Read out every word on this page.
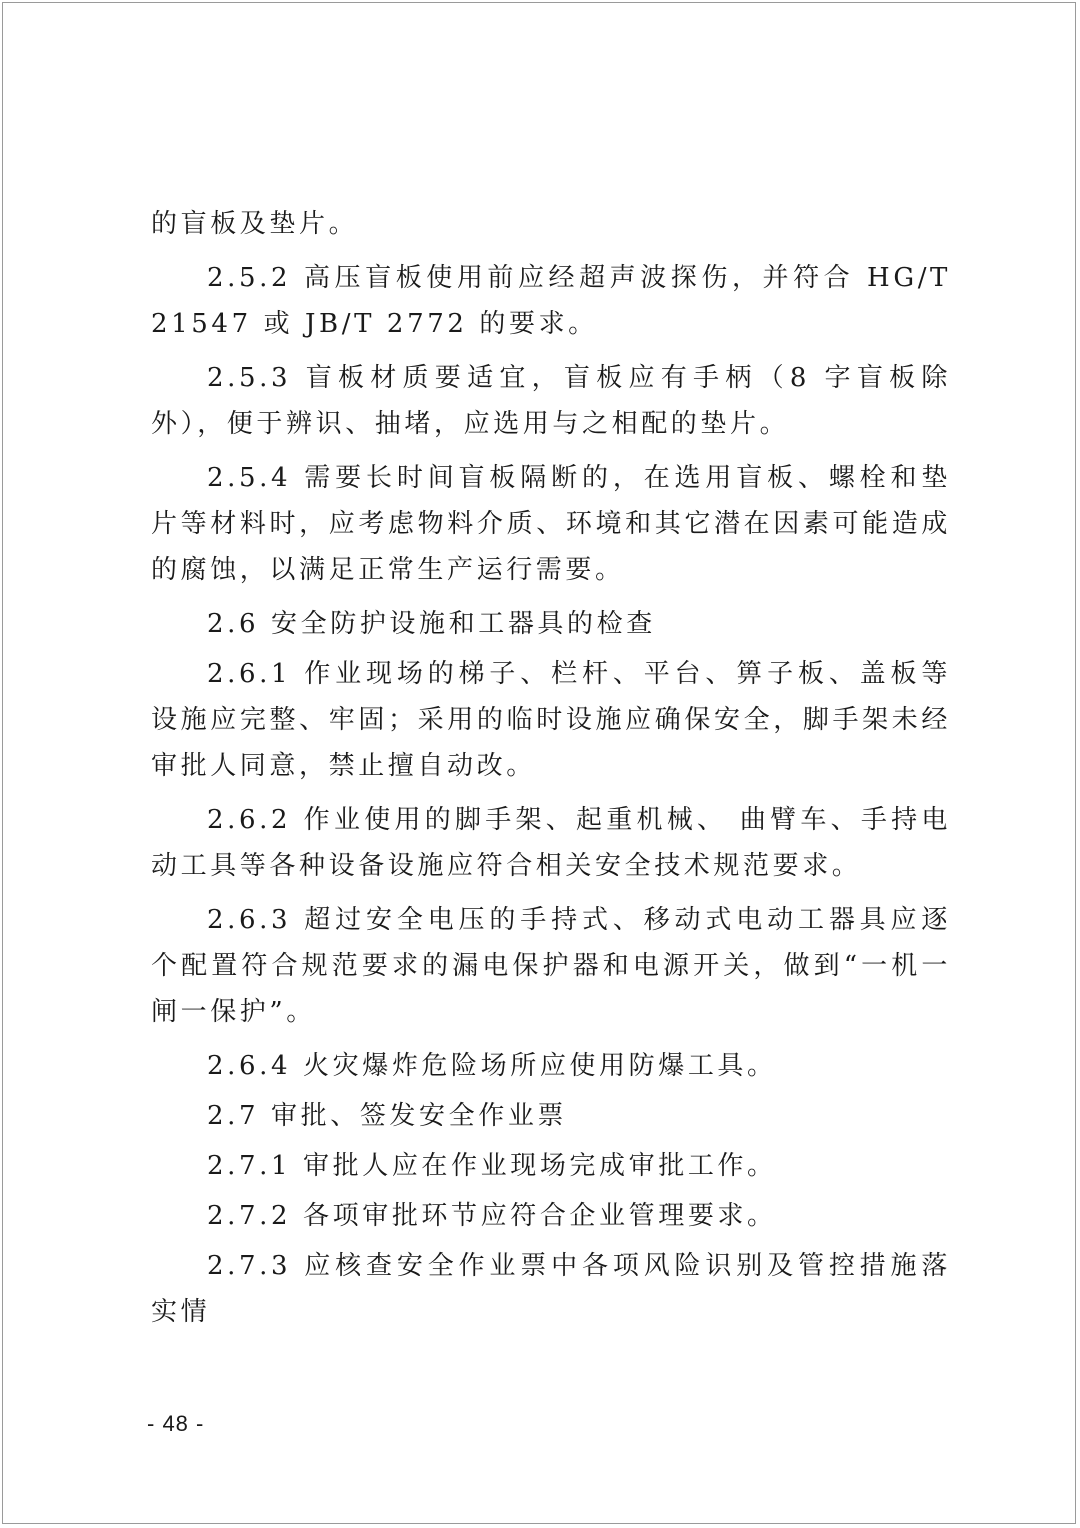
的盲板及垫片。

2.5.2 高压盲板使用前应经超声波探伤，并符合 HG/T 21547 或 JB/T 2772 的要求。

2.5.3 盲板材质要适宜，盲板应有手柄（8 字盲板除外），便于辨识、抽堵，应选用与之相配的垫片。

2.5.4 需要长时间盲板隔断的，在选用盲板、螺栓和垫片等材料时，应考虑物料介质、环境和其它潜在因素可能造成的腐蚀，以满足正常生产运行需要。

2.6 安全防护设施和工器具的检查

2.6.1 作业现场的梯子、栏杆、平台、箅子板、盖板等设施应完整、牢固；采用的临时设施应确保安全，脚手架未经审批人同意，禁止擅自动改。

2.6.2 作业使用的脚手架、起重机械、 曲臂车、手持电动工具等各种设备设施应符合相关安全技术规范要求。

2.6.3 超过安全电压的手持式、移动式电动工器具应逐个配置符合规范要求的漏电保护器和电源开关，做到“一机一闸一保护”。

2.6.4 火灾爆炸危险场所应使用防爆工具。

2.7 审批、签发安全作业票

2.7.1 审批人应在作业现场完成审批工作。

2.7.2 各项审批环节应符合企业管理要求。

2.7.3 应核查安全作业票中各项风险识别及管控措施落实情

- 48 -
